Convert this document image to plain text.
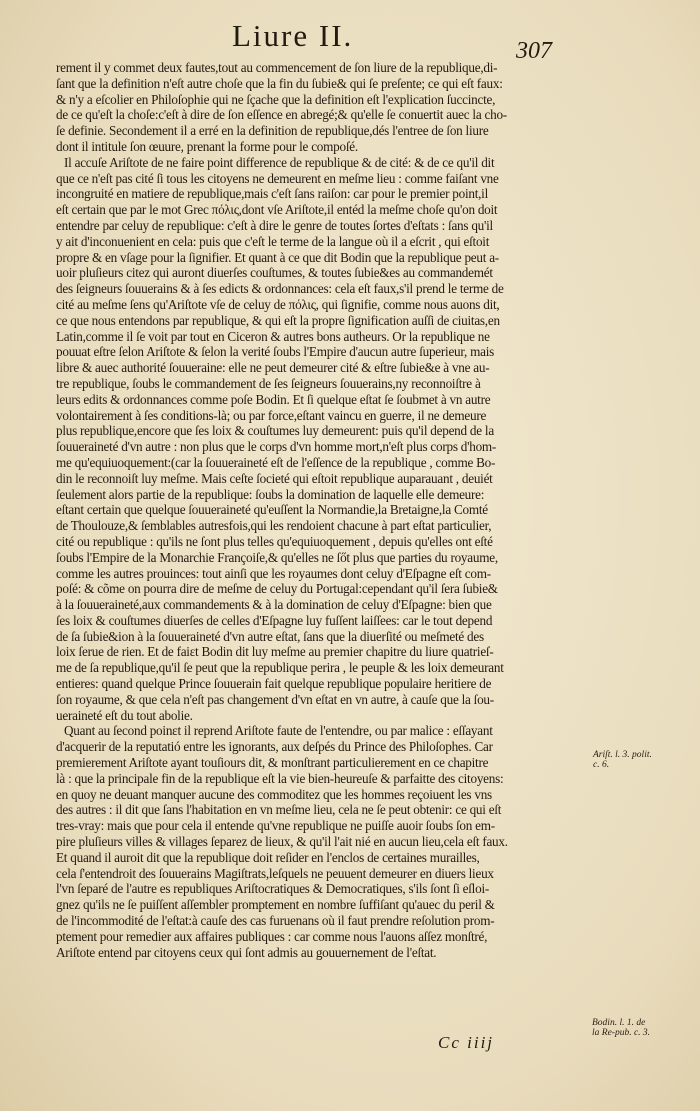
Liure II.	307
rement il y commet deux fautes,tout au commencement de ſon liure de la republique,di-
ſant que la definition n'eſt autre choſe que la fin du ſubie& qui ſe preſente; ce qui eſt faux:
& n'y a eſcolier en Philoſophie qui ne ſçache que la definition eſt l'explication ſuccincte,
de ce qu'eſt la choſe:c'eſt à dire de ſon eſſence en abregé;& qu'elle ſe conuertit auec la cho-
ſe definie. Secondement il a erré en la definition de republique,dés l'entree de ſon liure
dont il intitule ſon œuure, prenant la forme pour le compoſé.
Il accuſe Ariſtote de ne faire point difference de republique & de cité: & de ce qu'il dit
que ce n'eſt pas cité ſi tous les citoyens ne demeurent en meſme lieu : comme faiſant vne
incongruité en matiere de republique,mais c'eſt ſans raiſon: car pour le premier point,il
eſt certain que par le mot Grec πόλις,dont vſe Ariſtote,il entéd la meſme choſe qu'on doit
entendre par celuy de republique: c'eſt à dire le genre de toutes ſortes d'eſtats : ſans qu'il
y ait d'inconuenient en cela: puis que c'eſt le terme de la langue où il a eſcrit , qui eſtoit
propre & en vſage pour la ſignifier. Et quant à ce que dit Bodin que la republique peut a-
uoir pluſieurs citez qui auront diuerſes couſtumes, & toutes ſubie&es au commandemét
des ſeigneurs ſouuerains & à ſes edicts & ordonnances: cela eſt faux,s'il prend le terme de
cité au meſme ſens qu'Ariſtote vſe de celuy de πόλις, qui ſignifie, comme nous auons dit,
ce que nous entendons par republique, & qui eſt la propre ſignification auſſi de ciuitas,en
Latin,comme il ſe voit par tout en Ciceron & autres bons autheurs. Or la republique ne
pouuat eſtre ſelon Ariſtote & ſelon la verité ſoubs l'Empire d'aucun autre ſuperieur, mais
libre & auec authorité ſouueraine: elle ne peut demeurer cité & eſtre ſubie&e à vne au-
tre republique, ſoubs le commandement de ſes ſeigneurs ſouuerains,ny reconnoiſtre à
leurs edits & ordonnances comme poſe Bodin. Et ſi quelque eſtat ſe ſoubmet à vn autre
volontairement à ſes conditions-là; ou par force,eſtant vaincu en guerre, il ne demeure
plus republique,encore que ſes loix & couſtumes luy demeurent: puis qu'il depend de la
ſouueraineté d'vn autre : non plus que le corps d'vn homme mort,n'eſt plus corps d'hom-
me qu'equiuoquement:(car la ſouueraineté eſt de l'eſſence de la republique , comme Bo-
din le reconnoiſt luy meſme. Mais ceſte ſocieté qui eſtoit republique auparauant , deuiét
ſeulement alors partie de la republique: ſoubs la domination de laquelle elle demeure:
eſtant certain que quelque ſouueraineté qu'euſſent la Normandie,la Bretaigne,la Comté
de Thoulouze,& ſemblables autresfois,qui les rendoient chacune à part eſtat particulier,
cité ou republique : qu'ils ne ſont plus telles qu'equiuoquement , depuis qu'elles ont eſté
ſoubs l'Empire de la Monarchie Françoiſe,& qu'elles ne ſőt plus que parties du royaume,
comme les autres prouinces: tout ainſi que les royaumes dont celuy d'Eſpagne eſt com-
poſé: & cõme on pourra dire de meſme de celuy du Portugal:cependant qu'il ſera ſubie&
à la ſouueraineté,aux commandements & à la domination de celuy d'Eſpagne: bien que
ſes loix & couſtumes diuerſes de celles d'Eſpagne luy fuſſent laiſſees: car le tout depend
de ſa ſubie&ion à la ſouueraineté d'vn autre eſtat, ſans que la diuerſité ou meſmeté des
loix ſerue de rien. Et de faiɛt Bodin dit luy meſme au premier chapitre du liure quatrieſ-
me de ſa republique,qu'il ſe peut que la republique perira , le peuple & les loix demeurant
entieres: quand quelque Prince ſouuerain fait quelque republique populaire heritiere de
ſon royaume, & que cela n'eſt pas changement d'vn eſtat en vn autre, à cauſe que la ſou-
ueraineté eſt du tout abolie.
Quant au ſecond poinɛt il reprend Ariſtote faute de l'entendre, ou par malice : eſſayant
d'acquerir de la reputatió entre les ignorants, aux deſpés du Prince des Philoſophes. Car
premierement Ariſtote ayant touſiours dit, & monſtrant particulierement en ce chapitre
là : que la principale fin de la republique eſt la vie bien-heureuſe & parfaitte des citoyens:
en quoy ne deuant manquer aucune des commoditez que les hommes reçoiuent les vns
des autres : il dit que ſans l'habitation en vn meſme lieu, cela ne ſe peut obtenir: ce qui eſt
tres-vray: mais que pour cela il entende qu'vne republique ne puiſſe auoir ſoubs ſon em-
pire pluſieurs villes & villages ſeparez de lieux, & qu'il l'ait nié en aucun lieu,cela eſt faux.
Et quand il auroit dit que la republique doit reſider en l'enclos de certaines murailles,
cela ſ'entendroit des ſouuerains Magiſtrats,leſquels ne peuuent demeurer en diuers lieux
l'vn ſeparé de l'autre es republiques Ariſtocratiques & Democratiques, s'ils ſont ſi eſloi-
gnez qu'ils ne ſe puiſſent aſſembler promptement en nombre ſuffiſant qu'auec du peril &
de l'incommodité de l'eſtat:à cauſe des cas furuenans où il faut prendre reſolution prom-
ptement pour remedier aux affaires publiques : car comme nous l'auons aſſez monſtré,
Ariſtote entend par citoyens ceux qui ſont admis au gouuernement de l'eſtat.
Ariſt. l. 3. polit. c. 6.
Bodin. l. 1. de la Re-pub. c. 3.
Cc iiij
